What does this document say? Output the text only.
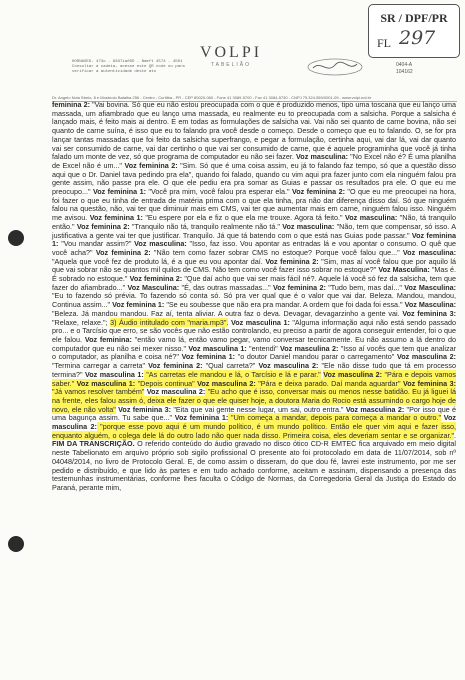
HORNASED- 473o - 9837ia0SD - Nmeft 4574 - 4501 Consultar a cadeia, acesse este QR code ou para verificar a autenticidade deste ato
VOLPI
TABELIÃO
SR / DPF/PR
FL 297
0404-A
104162
Dr. Angelo Nola Strelo, 8 e Mosbrolo Batalha 256 - Centro - Curitiba - PR - CEP 80020-060 - Fone 41 3089-5700 - Fax 41 3084-5730 - CNPJ 75.324.559/0001-09 - www.volpi.not.br
feminina 2: "Vai bovina. Só que eu não estou preocupada com o que é produzido menos, tipo uma toscana que eu lanço uma massada, um afiambrado que eu lanço uma massada, eu realmente eu to preocupada com a salsicha. Porque a salsicha é lançado mais, é feito mais ai dentro. E em todas as formulações de salsicha vai. Vai não sei quanto de carne bovina, não sei quanto de carne suína, é isso que eu to falando pra você desde o começo. Desde o começo que eu to falando. O, se for pra lançar tantas massadas que foi feito da salsicha superfrango, e pegar a formulação, certinha aqui, vai dar lá, vai dar quanto vai ser consumido de carne, vai dar certinho o que vai ser consumido de carne, que é aquele programinha que você já tinha falado um monte de vez, só que programa de computador eu não sei fazer. Voz masculina: "No Excel não é? É uma planilha de Excel não é um..." Voz feminina 2: "Sim. Só que é uma coisa assim, eu já to falando faz tempo, só que a questão disso aqui que o Dr. Daniel tava pedindo pra ela", quando foi falado, quando cu vim aqui pra fazer junto com ela ninguém falou pra gente assim, não passe pra ele. O que ele pediu era pra somar as Guias e passar os resultados pra ele. O que eu me preocupo..." Voz feminina 1: "Você pra mim, você falou pra esperar ela." Voz feminina 2: "O que eu me preocupei na hora, foi fazer o que eu tinha de entrada de matéria prima com o que ela tinha, pra não dar diferença disso daí. Só que ninguém falou na questão, não, vai ter que diminuir mais em CMS, vai ter que aumentar mais em carne, ninguém falou isso. Ninguém me avisou. Voz feminina 1: "Eu espere por ela e fiz o que ela me trouxe. Agora tá feito." Voz masculina: "Não, tá tranquilo então." Voz feminina 2: "Tranquilo não tá, tranquilo realmente não tá." Voz masculina: "Não, tem que compensar, só isso. A justificativa a gente vai ter que justificar. Tranquilo. Já que tá batendo com o que está nas Guias pode passar." Voz feminina 1: "Vou mandar assim?" Voz masculina: "Isso, faz isso. Vou apontar as entradas lá e vou apontar o consumo. O quê que você acha?" Voz feminina 2: "Não tem como fazer sobrar CMS no estoque? Porque você falou que..." Voz masculina: "Aquela que você fez de produto lá, é a que eu vou apontar daí. Voz feminina 2: "Sim, mas aí você falou que por aquilo lá que vai sobrar não se quantos mil quilos de CMS. Não tem como você fazer isso sobrar no estoque?" Voz Masculina: "Mas é. É sobrado no estoque." Voz feminina 2: "Que daí acho que vai ser mais fácil né?. Aquele lá você só fez da salsicha, tem que fazer do afiambrado..." Voz Masculina: "É, das outras massadas..." Voz feminina 2: "Tudo bem, mas daí..." Voz Masculina: "Eu to fazendo só prévia. To fazendo só conta só. Só pra ver qual que é o valor que vai dar. Beleza. Mandou, mandou, Continua assim..." Voz feminina 1: "Se eu soubesse que não era pra mandar. A ordem que foi dada foi essa." Voz Masculina: "Beleza. Já mandou mandou. Faz aí, tenta aliviar. A outra faz o deva. Devagar, devagarzinho a gente vai. Voz feminina 3: "Relaxe, relaxe."; 3) Áudio intitulado com "maria.mp3". Voz masculina 1: "Alguma informação aqui não está sendo passado pro... e o Tarcísio que erro, se são vocês que não estão controlando, eu preciso a partir de agora conseguir entender, foi o que ele falou. Voz feminina: "então vamo lá, então vamo pegar, vamo conversar tecnicamente. Eu não assumo a lá dentro do computador que eu não sei mexer nisso." Voz masculina 1: "entendi" Voz masculina 2: "Isso aí vocês que tem que analizar o computador, as planilha e coisa né?" Voz feminina 1: "o doutor Daniel mandou parar o carregamento" Voz masculina 2: "Termina carregar a carreta" Voz feminina 2: "Qual carreta?" Voz masculina 2: "Ele não disse tudo que tá em processo termina?" Voz masculina 1: "As carretas ele mandou e lá, o Tarcísio e lá e parar." Voz masculina 2: "Pára e depois vamos saber." Voz masculina 1: "Depois continua" Voz masculina 2: "Pára e deixa parado. Daí manda aguardar" Voz feminina 3: "Já vamos resolver também" Voz masculina 2: "Eu acho que é isso, conversar mais ou menos nesse batidão. Eu já liguei lá na frente, eles falou assim ó, deixa ele fazer o que ele quiser hoje, a doutora Maria do Rocio está assumindo o cargo hoje de novo, ele não volta" Voz feminina 3: "Eita que vai gente nesse lugar, um sai, outro entra." Voz masculina 2: "Por isso que é uma bagunça assim. Tu sabe que..." Voz feminina 1: "Um começa a mandar, depois para começa a mandar o outro." Voz masculina 2: "porque esse povo aqui é um mundo político, é um mundo político. Então ele quer vim aqui e fazer isso, enquanto alguém, o colega dele lá do outro lado não quer nada disso. Primeira coisa, eles deveriam sentar e se organizar.". FIM DA TRANSCRIÇÃO. O referido conteúdo do áudio gravado no disco ótico CD-R EMTEC fica arquivado em meio digital neste Tabelionato em arquivo próprio sob sigilo profissional O presente ato foi protocolado em data de 11/07/2014, sob nº 04048/2014, no livro de Protocolo Geral. E, de como assim o disseram, do que dou fé, lavrei este instrumento, por me ser pedido e distribuído, e que lido às partes e em tudo achado conforme, aceitam e assinam, dispensando a presença das testemunhas instrumentárias, conforme lhes faculta o Código de Normas, da Corregedoria Geral da Justiça do Estado do Paraná, perante mim,
